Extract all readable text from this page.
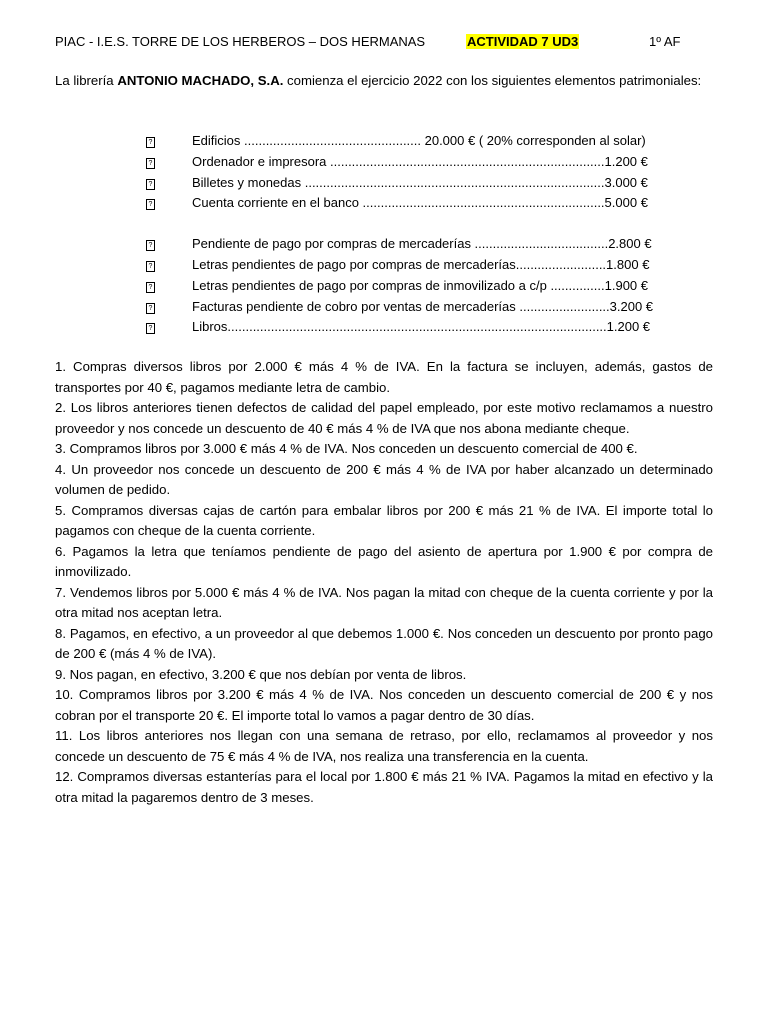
PIAC - I.E.S. TORRE DE LOS HERBEROS – DOS HERMANAS	ACTIVIDAD 7 UD3	1º AF

La librería ANTONIO MACHADO, S.A. comienza el ejercicio 2022 con los siguientes elementos patrimoniales:

?	Edificios ................................................. 20.000 € ( 20% corresponden al solar)
?	Ordenador e impresora ............................................................................1.200 €
?	Billetes y monedas ...................................................................................3.000 €
?	Cuenta corriente en el banco ...................................................................5.000 €
?	Pendiente de pago por compras de mercaderías .....................................2.800 €
?	Letras pendientes de pago por compras de mercaderías.........................1.800 €
?	Letras pendientes de pago por compras de inmovilizado a c/p ...............1.900 €
?	Facturas pendiente de cobro por ventas de mercaderías .........................3.200 €
?	Libros.........................................................................................................1.200 €

1. Compras diversos libros por 2.000 € más 4 % de IVA. En la factura se incluyen, además, gastos de transportes por 40 €, pagamos mediante letra de cambio.

2. Los libros anteriores tienen defectos de calidad del papel empleado, por este motivo reclamamos a nuestro proveedor y nos concede un descuento de 40 € más 4 % de IVA que nos abona mediante cheque.

3. Compramos libros por 3.000 € más 4 % de IVA. Nos conceden un descuento comercial de 400 €.

4. Un proveedor nos concede un descuento de 200 € más 4 % de IVA por haber alcanzado un determinado volumen de pedido.

5. Compramos diversas cajas de cartón para embalar libros por 200 € más 21 % de IVA. El importe total lo pagamos con cheque de la cuenta corriente.

6. Pagamos la letra que teníamos pendiente de pago del asiento de apertura por 1.900 € por compra de inmovilizado.

7. Vendemos libros por 5.000 € más 4 % de IVA. Nos pagan la mitad con cheque de la cuenta corriente y por la otra mitad nos aceptan letra.

8. Pagamos, en efectivo, a un proveedor al que debemos 1.000 €. Nos conceden un descuento por pronto pago de 200 € (más 4 % de IVA).

9. Nos pagan, en efectivo, 3.200 € que nos debían por venta de libros.

10. Compramos libros por 3.200 € más 4 % de IVA. Nos conceden un descuento comercial de 200 € y nos cobran por el transporte 20 €. El importe total lo vamos a pagar dentro de 30 días.

11. Los libros anteriores nos llegan con una semana de retraso, por ello, reclamamos al proveedor y nos concede un descuento de 75 € más 4 % de IVA, nos realiza una transferencia en la cuenta.

12. Compramos diversas estanterías para el local por 1.800 € más 21 % IVA. Pagamos la mitad en efectivo y la otra mitad la pagaremos dentro de 3 meses.
